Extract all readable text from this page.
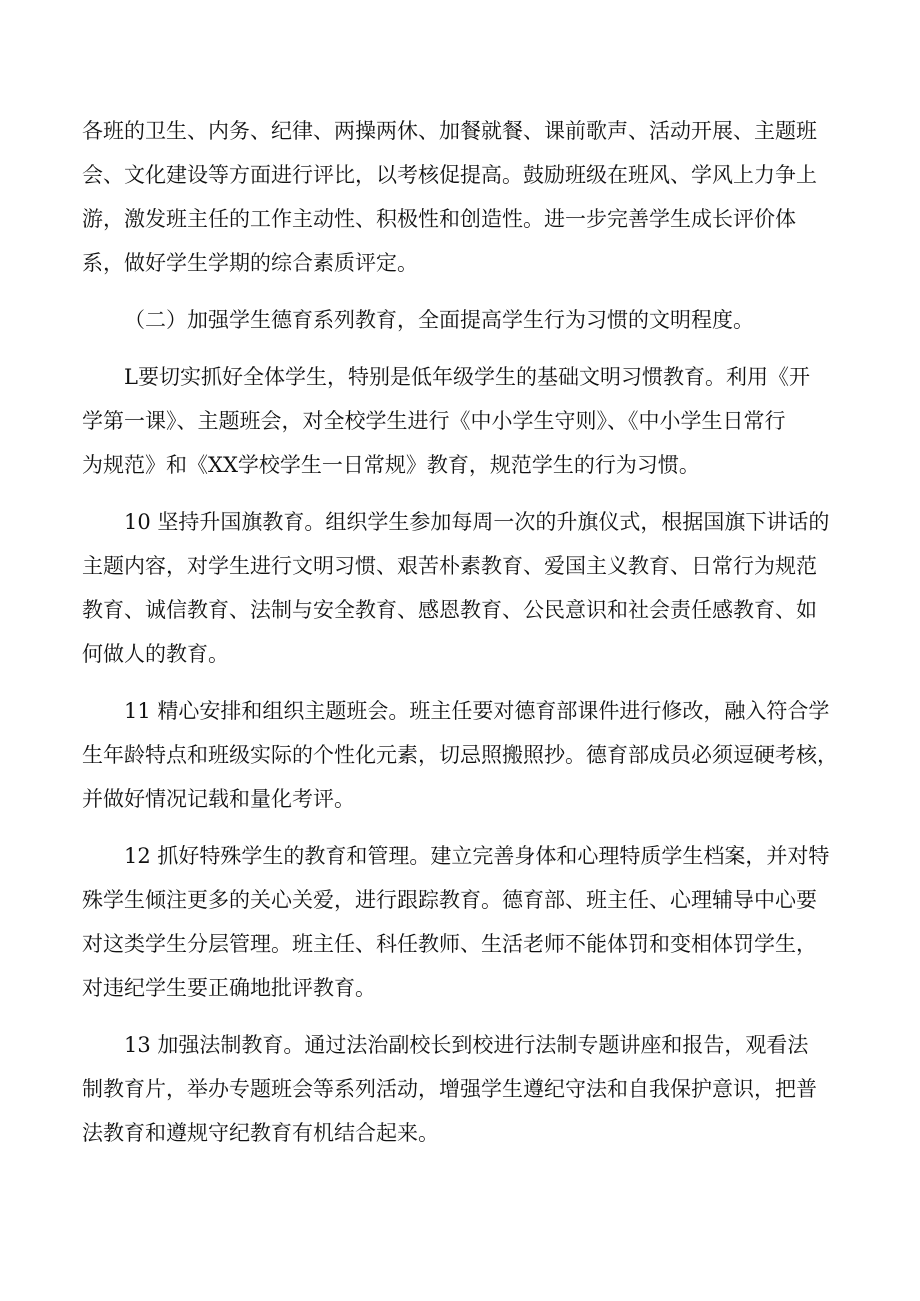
各班的卫生、内务、纪律、两操两休、加餐就餐、课前歌声、活动开展、主题班
会、文化建设等方面进行评比，以考核促提高。鼓励班级在班风、学风上力争上
游，激发班主任的工作主动性、积极性和创造性。进一步完善学生成长评价体
系，做好学生学期的综合素质评定。
（二）加强学生德育系列教育，全面提高学生行为习惯的文明程度。
L要切实抓好全体学生，特别是低年级学生的基础文明习惯教育。利用《开
学第一课》、主题班会，对全校学生进行《中小学生守则》、《中小学生日常行
为规范》和《XX学校学生一日常规》教育，规范学生的行为习惯。
10 坚持升国旗教育。组织学生参加每周一次的升旗仪式，根据国旗下讲话的
主题内容，对学生进行文明习惯、艰苦朴素教育、爱国主义教育、日常行为规范
教育、诚信教育、法制与安全教育、感恩教育、公民意识和社会责任感教育、如
何做人的教育。
11 精心安排和组织主题班会。班主任要对德育部课件进行修改，融入符合学
生年龄特点和班级实际的个性化元素，切忌照搬照抄。德育部成员必须逗硬考核，
并做好情况记载和量化考评。
12 抓好特殊学生的教育和管理。建立完善身体和心理特质学生档案，并对特
殊学生倾注更多的关心关爱，进行跟踪教育。德育部、班主任、心理辅导中心要
对这类学生分层管理。班主任、科任教师、生活老师不能体罚和变相体罚学生，
对违纪学生要正确地批评教育。
13 加强法制教育。通过法治副校长到校进行法制专题讲座和报告，观看法
制教育片，举办专题班会等系列活动，增强学生遵纪守法和自我保护意识，把普
法教育和遵规守纪教育有机结合起来。
